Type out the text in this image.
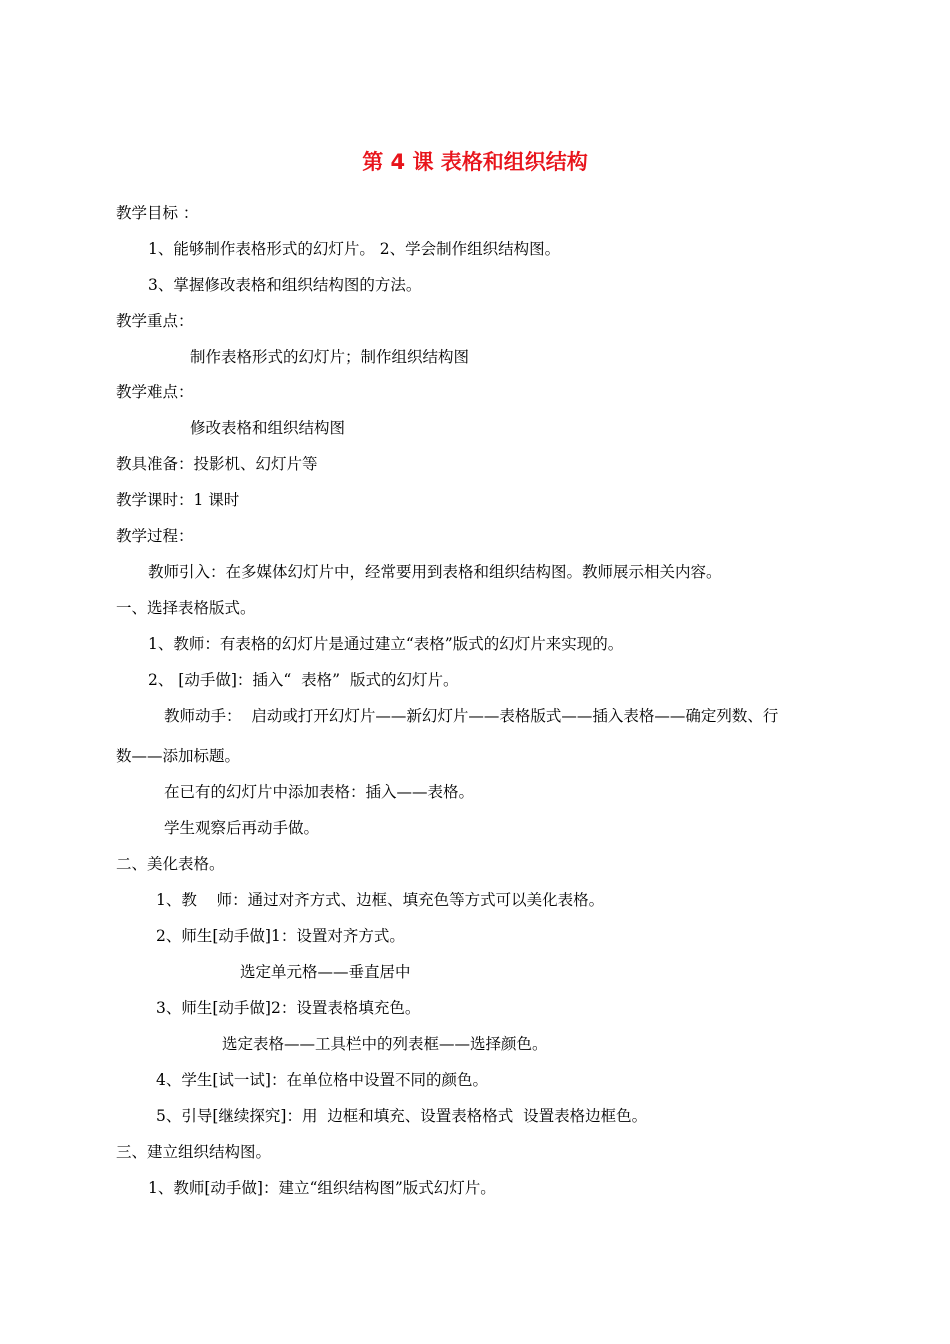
第 4 课 表格和组织结构
教学目标 ：
1、能够制作表格形式的幻灯片。 2、学会制作组织结构图。
3、掌握修改表格和组织结构图的方法。
教学重点：
制作表格形式的幻灯片；制作组织结构图
教学难点：
修改表格和组织结构图
教具准备：投影机、幻灯片等
教学课时：1 课时
教学过程：
教师引入：在多媒体幻灯片中，经常要用到表格和组织结构图。教师展示相关内容。
一、选择表格版式。
1、教师：有表格的幻灯片是通过建立“表格”版式的幻灯片来实现的。
2、 [动手做]：插入“  表格”  版式的幻灯片。
教师动手：  启动或打开幻灯片——新幻灯片——表格版式——插入表格——确定列数、行
数——添加标题。
在已有的幻灯片中添加表格：插入——表格。
学生观察后再动手做。
二、美化表格。
1、教    师：通过对齐方式、边框、填充色等方式可以美化表格。
2、师生[动手做]1：设置对齐方式。
选定单元格——垂直居中
3、师生[动手做]2：设置表格填充色。
选定表格——工具栏中的列表框——选择颜色。
4、学生[试一试]：在单位格中设置不同的颜色。
5、引导[继续探究]：用  边框和填充、设置表格格式  设置表格边框色。
三、建立组织结构图。
1、教师[动手做]：建立“组织结构图”版式幻灯片。
